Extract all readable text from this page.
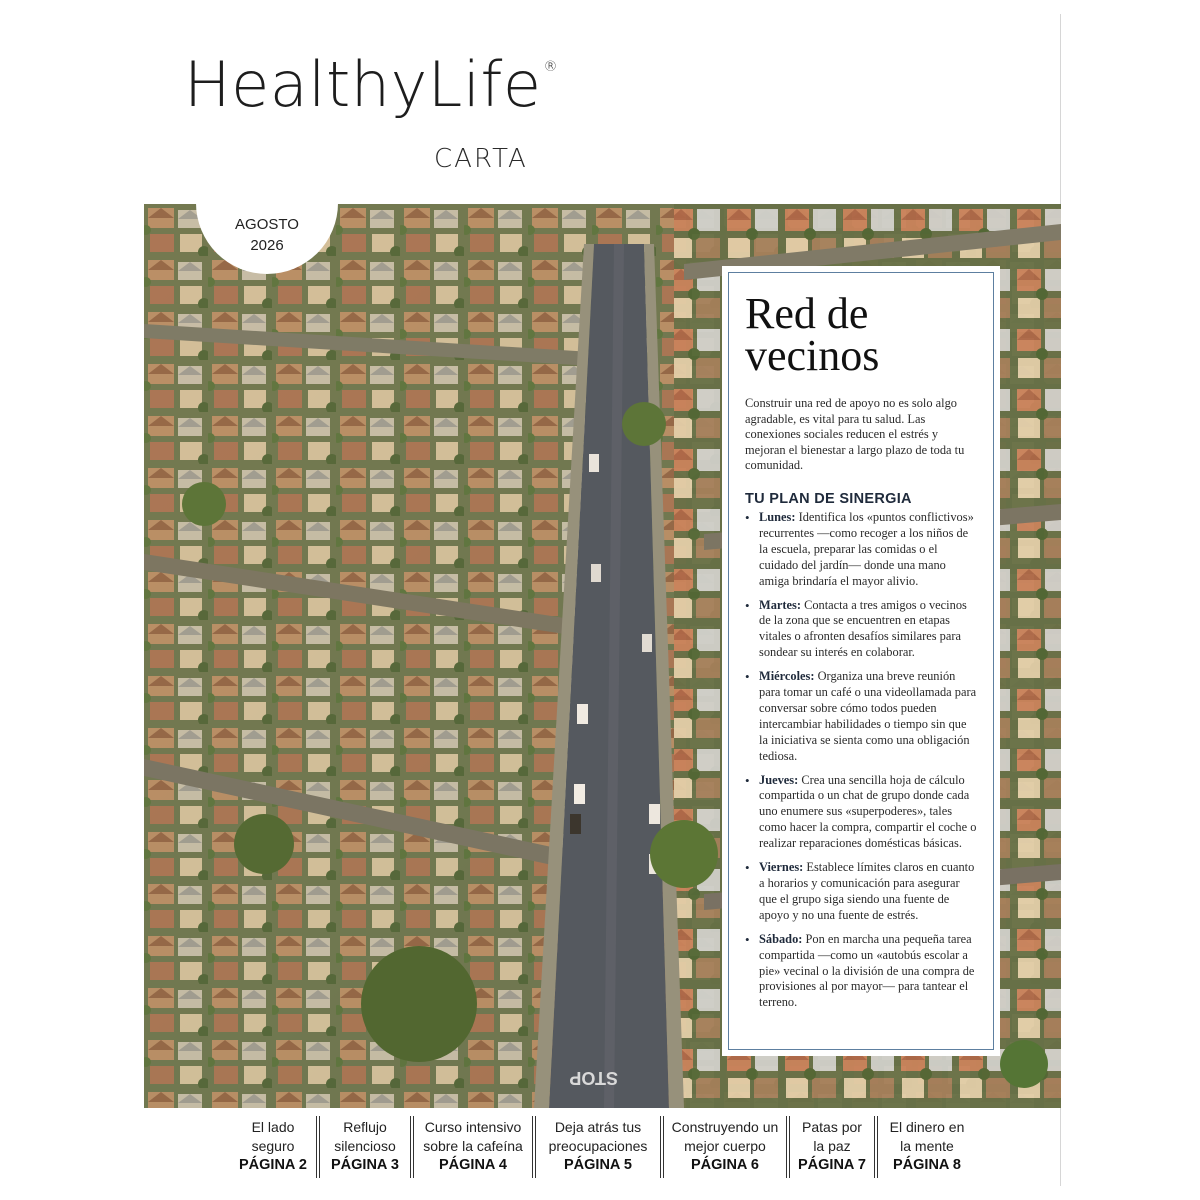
HealthyLife ®
CARTA
STOP
AGOSTO
2026
Red de vecinos

Construir una red de apoyo no es solo algo agradable, es vital para tu salud. Las conexiones sociales reducen el estrés y mejoran el bienestar a largo plazo de toda tu comunidad.

TU PLAN DE SINERGIA
• Lunes: Identifica los «puntos conflictivos» recurrentes —como recoger a los niños de la escuela, preparar las comidas o el cuidado del jardín— donde una mano amiga brindaría el mayor alivio.
• Martes: Contacta a tres amigos o vecinos de la zona que se encuentren en etapas vitales o afronten desafíos similares para sondear su interés en colaborar.
• Miércoles: Organiza una breve reunión para tomar un café o una videollamada para conversar sobre cómo todos pueden intercambiar habilidades o tiempo sin que la iniciativa se sienta como una obligación tediosa.
• Jueves: Crea una sencilla hoja de cálculo compartida o un chat de grupo donde cada uno enumere sus «superpoderes», tales como hacer la compra, compartir el coche o realizar reparaciones domésticas básicas.
• Viernes: Establece límites claros en cuanto a horarios y comunicación para asegurar que el grupo siga siendo una fuente de apoyo y no una fuente de estrés.
• Sábado: Pon en marcha una pequeña tarea compartida —como un «autobús escolar a pie» vecinal o la división de una compra de provisiones al por mayor— para tantear el terreno.
El lado
seguro
PÁGINA 2
Reflujo
silencioso
PÁGINA 3
Curso intensivo
sobre la cafeína
PÁGINA 4
Deja atrás tus
preocupaciones
PÁGINA 5
Construyendo un
mejor cuerpo
PÁGINA 6
Patas por
la paz
PÁGINA 7
El dinero en
la mente
PÁGINA 8
